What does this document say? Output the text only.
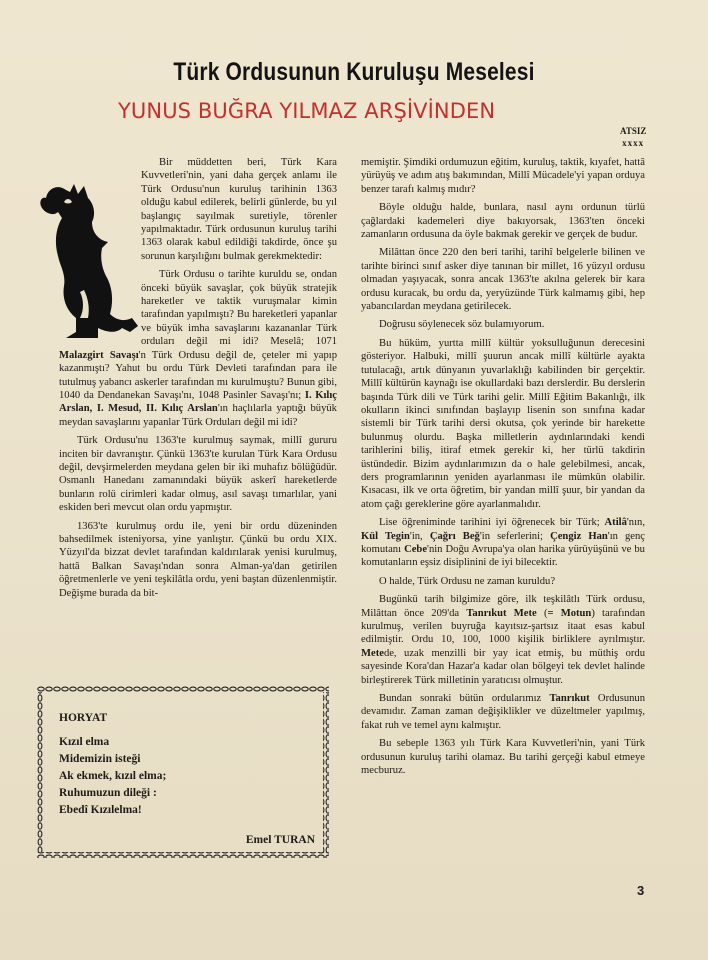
Türk Ordusunun Kuruluşu Meselesi
YUNUS BUĞRA YILMAZ ARŞİVİNDEN
ATSIZ
xxxx

Bir müddetten beri, Türk Kara Kuvvetleri'nin, yani daha gerçek anlamı ile Türk Ordusu'nun kuruluş tarihinin 1363 olduğu kabul edilerek, belirli günlerde, bu yıl başlangıç sayılmak suretiyle, törenler yapılmaktadır. Türk ordusunun kuruluş tarihi 1363 olarak kabul edildiği takdirde, önce şu sorunun karşılığını bulmak gerekmektedir:

Türk Ordusu o tarihte kuruldu se, ondan önceki büyük savaşlar, çok büyük stratejik hareketler ve taktik vuruşmalar kimin tarafından yapılmıştı? Bu hareketleri yapanlar ve büyük imha savaşlarını kazananlar Türk orduları değil mi idi? Meselâ; 1071 Malazgirt Savaşı'n Türk Ordusu değil de, çeteler mi yapıp kazanmıştı? Yahut bu ordu Türk Devleti tarafından para ile tutulmuş yabancı askerler tarafından mı kurulmuştu? Bunun gibi, 1040 da Dendanekan Savaşı'nı, 1048 Pasinler Savaşı'nı; I. Kılıç Arslan, I. Mesud, II. Kılıç Arslan'ın haçlılarla yaptığı büyük meydan savaşlarını yapanlar Türk Orduları değil mi idi?

Türk Ordusu'nu 1363'te kurulmuş saymak, millî gururu inciten bir davranıştır. Çünkü 1363'te kurulan Türk Kara Ordusu değil, devşirmelerden meydana gelen bir iki muhafız bölüğüdür. Osmanlı Hanedanı zamanındaki büyük askerî hareketlerde bunların rolü cirimleri kadar olmuş, asıl savaşı tımarlılar, yani eskiden beri mevcut olan ordu yapmıştır.

1363'te kurulmuş ordu ile, yeni bir ordu düzeninden bahsedilmek isteniyorsa, yine yanlıştır. Çünkü bu ordu XIX. Yüzyıl'da bizzat devlet tarafından kaldırılarak yenisi kurulmuş, hattâ Balkan Savaşı'ndan sonra Alman-ya'dan getirilen öğretmenlerle ve yeni teşkilâtla ordu, yeni baştan düzenlenmiştir. Değişme burada da bit-

memiştir. Şimdiki ordumuzun eğitim, kuruluş, taktik, kıyafet, hattâ yürüyüş ve adım atış bakımından, Millî Mücadele'yi yapan orduya benzer tarafı kalmış mıdır?

Böyle olduğu halde, bunlara, nasıl aynı ordunun türlü çağlardaki kademeleri diye bakıyorsak, 1363'ten önceki zamanların ordusuna da öyle bakmak gerekir ve gerçek de budur.

Milâttan önce 220 den beri tarihi, tarihî belgelerle bilinen ve tarihte birinci sınıf asker diye tanınan bir millet, 16 yüzyıl ordusu olmadan yaşıyacak, sonra ancak 1363'te akılna gelerek bir kara ordusu kuracak, bu ordu da, yeryüzünde Türk kalmamış gibi, hep yabancılardan meydana getirilecek.

Doğrusu söylenecek söz bulamıyorum.

Bu hüküm, yurtta millî kültür yoksulluğunun derecesini gösteriyor. Halbuki, millî şuurun ancak millî kültürle ayakta tutulacağı, artık dünyanın yuvarlaklığı kabilinden bir gerçektir. Millî kültürün kaynağı ise okullardaki bazı derslerdir. Bu derslerin başında Türk dili ve Türk tarihi gelir. Millî Eğitim Bakanlığı, ilk okulların ikinci sınıfından başlayıp lisenin son sınıfına kadar sistemli bir Türk tarihi dersi okutsa, çok yerinde bir harekette bulunmuş olurdu. Başka milletlerin aydınlarındaki kendi tarihlerini biliş, itiraf etmek gerekir ki, her türlü takdirin üstündedir. Bizim aydınlarımızın da o hale gelebilmesi, ancak, ders programlarının yeniden ayarlanması ile mümkün olabilir. Kısacası, ilk ve orta öğretim, bir yandan millî şuur, bir yandan da atom çağı gereklerine göre ayarlanmalıdır.

Lise öğreniminde tarihini iyi öğrenecek bir Türk; Atilâ'nın, Kül Tegin'in, Çağrı Beğ'in seferlerini; Çengiz Han'ın genç komutanı Cebe'nin Doğu Avrupa'ya olan harika yürüyüşünü ve bu komutanların eşsiz disiplinini de iyi bilecektir.

O halde, Türk Ordusu ne zaman kuruldu?

Bugünkü tarih bilgimize göre, ilk teşkilâtlı Türk ordusu, Milâttan önce 209'da Tanrıkut Mete (= Motun) tarafından kurulmuş, verilen buyruğa kayıtsız-şartsız itaat esas kabul edilmiştir. Ordu 10, 100, 1000 kişilik birliklere ayrılmıştır. Metede, uzak menzilli bir yay icat etmiş, bu müthiş ordu sayesinde Kora'dan Hazar'a kadar olan bölgeyi tek devlet halinde birleştirerek Türk milletinin yaratıcısı olmuştur.

Bundan sonraki bütün ordularımız Tanrıkut Ordusunun devamıdır. Zaman zaman değişiklikler ve düzeltmeler yapılmış, fakat ruh ve temel aynı kalmıştır.

Bu sebeple 1363 yılı Türk Kara Kuvvetleri'nin, yani Türk ordusunun kuruluş tarihi olamaz. Bu tarihi gerçeği kabul etmeye mecburuz.

HORYAT
Kızıl elma
Midemizin isteği
Ak ekmek, kızıl elma;
Ruhumuzun dileği :
Ebedî Kızılelma!
Emel TURAN
3
